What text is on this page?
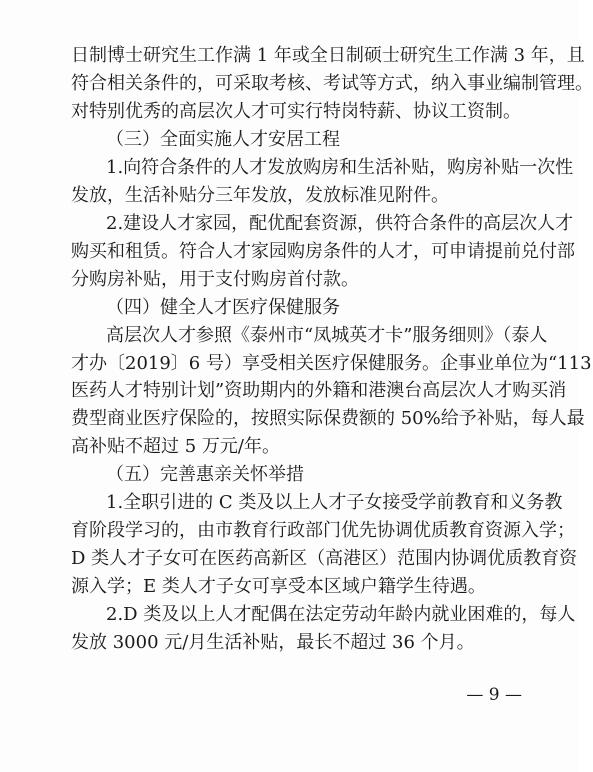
日制博士研究生工作满 1 年或全日制硕士研究生工作满 3 年，且
符合相关条件的，可采取考核、考试等方式，纳入事业编制管理。
对特别优秀的高层次人才可实行特岗特薪、协议工资制。
（三）全面实施人才安居工程
1.向符合条件的人才发放购房和生活补贴，购房补贴一次性
发放，生活补贴分三年发放，发放标准见附件。
2.建设人才家园，配优配套资源，供符合条件的高层次人才
购买和租赁。符合人才家园购房条件的人才，可申请提前兑付部
分购房补贴，用于支付购房首付款。
（四）健全人才医疗保健服务
高层次人才参照《泰州市“凤城英才卡”服务细则》（泰人
才办〔2019〕6 号）享受相关医疗保健服务。企事业单位为“113
医药人才特别计划”资助期内的外籍和港澳台高层次人才购买消
费型商业医疗保险的，按照实际保费额的 50%给予补贴，每人最
高补贴不超过 5 万元/年。
（五）完善惠亲关怀举措
1.全职引进的 C 类及以上人才子女接受学前教育和义务教
育阶段学习的，由市教育行政部门优先协调优质教育资源入学；
D 类人才子女可在医药高新区（高港区）范围内协调优质教育资
源入学；E 类人才子女可享受本区域户籍学生待遇。
2.D 类及以上人才配偶在法定劳动年龄内就业困难的，每人
发放 3000 元/月生活补贴，最长不超过 36 个月。
— 9 —
